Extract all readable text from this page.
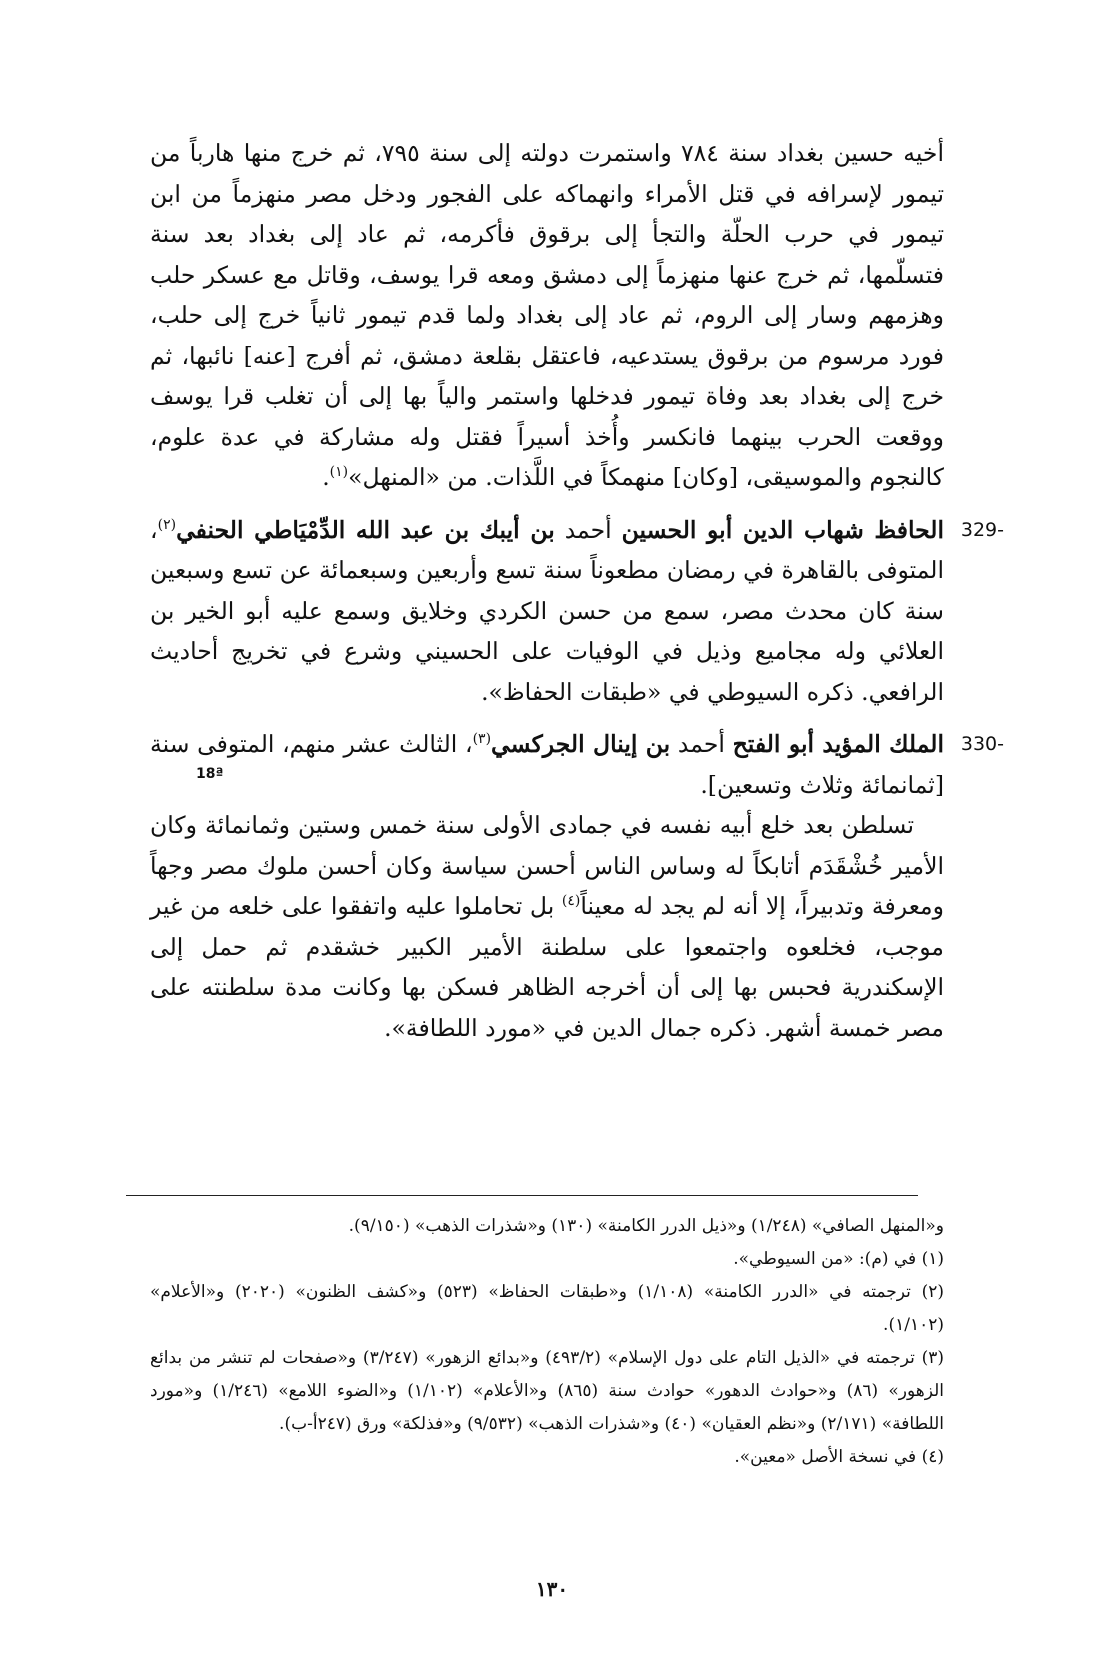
أخيه حسين بغداد سنة ٧٨٤ واستمرت دولته إلى سنة ٧٩٥، ثم خرج منها هارباً من تيمور لإسرافه في قتل الأمراء وانهماكه على الفجور ودخل مصر منهزماً من ابن تيمور في حرب الحلّة والتجأ إلى برقوق فأكرمه، ثم عاد إلى بغداد بعد سنة فتسلّمها، ثم خرج عنها منهزماً إلى دمشق ومعه قرا يوسف، وقاتل مع عسكر حلب وهزمهم وسار إلى الروم، ثم عاد إلى بغداد ولما قدم تيمور ثانياً خرج إلى حلب، فورد مرسوم من برقوق يستدعيه، فاعتقل بقلعة دمشق، ثم أفرج [عنه] نائبها، ثم خرج إلى بغداد بعد وفاة تيمور فدخلها واستمر والياً بها إلى أن تغلب قرا يوسف ووقعت الحرب بينهما فانكسر وأُخذ أسيراً فقتل وله مشاركة في عدة علوم، كالنجوم والموسيقى، [وكان] منهمكاً في اللَّذات. من «المنهل»$^{(١)}$.

329-
الحافظ شهاب الدين أبو الحسين أحمد بن أيبك بن عبد الله الدِّمْيَاطي الحنفي$^{(٢)}$، المتوفى بالقاهرة في رمضان مطعوناً سنة تسع وأربعين وسبعمائة عن تسع وسبعين سنة كان محدث مصر، سمع من حسن الكردي وخلايق وسمع عليه أبو الخير بن العلائي وله مجاميع وذيل في الوفيات على الحسيني وشرع في تخريج أحاديث الرافعي. ذكره السيوطي في «طبقات الحفاظ».

330-
الملك المؤيد أبو الفتح أحمد بن إينال الجركسي$^{(٣)}$، الثالث عشر منهم، المتوفى سنة [ثمانمائة وثلاث وتسعين].

تسلطن بعد خلع أبيه نفسه في جمادى الأولى سنة خمس وستين وثمانمائة وكان الأمير خُشْقَدَم أتابكاً له وساس الناس أحسن سياسة وكان أحسن ملوك مصر وجهاً ومعرفة وتدبيراً، إلا أنه لم يجد له معيناً$^{(٤)}$ بل تحاملوا عليه واتفقوا على خلعه من غير موجب، فخلعوه واجتمعوا على سلطنة الأمير الكبير خشقدم ثم حمل إلى الإسكندرية فحبس بها إلى أن أخرجه الظاهر فسكن بها وكانت مدة سلطنته على مصر خمسة أشهر. ذكره جمال الدين في «مورد اللطافة».

18ª

و«المنهل الصافي» (١/٢٤٨) و«ذيل الدرر الكامنة» (١٣٠) و«شذرات الذهب» (٩/١٥٠).

(١) في (م): «من السيوطي».

(٢) ترجمته في «الدرر الكامنة» (١/١٠٨) و«طبقات الحفاظ» (٥٢٣) و«كشف الظنون» (٢٠٢٠) و«الأعلام» (١/١٠٢).

(٣) ترجمته في «الذيل التام على دول الإسلام» (٤٩٣/٢) و«بدائع الزهور» (٣/٢٤٧) و«صفحات لم تنشر من بدائع الزهور» (٨٦) و«حوادث الدهور» حوادث سنة (٨٦٥) و«الأعلام» (١/١٠٢) و«الضوء اللامع» (١/٢٤٦) و«مورد اللطافة» (٢/١٧١) و«نظم العقيان» (٤٠) و«شذرات الذهب» (٩/٥٣٢) و«فذلكة» ورق (٢٤٧أ-ب).

(٤) في نسخة الأصل «معين».

١٣٠
